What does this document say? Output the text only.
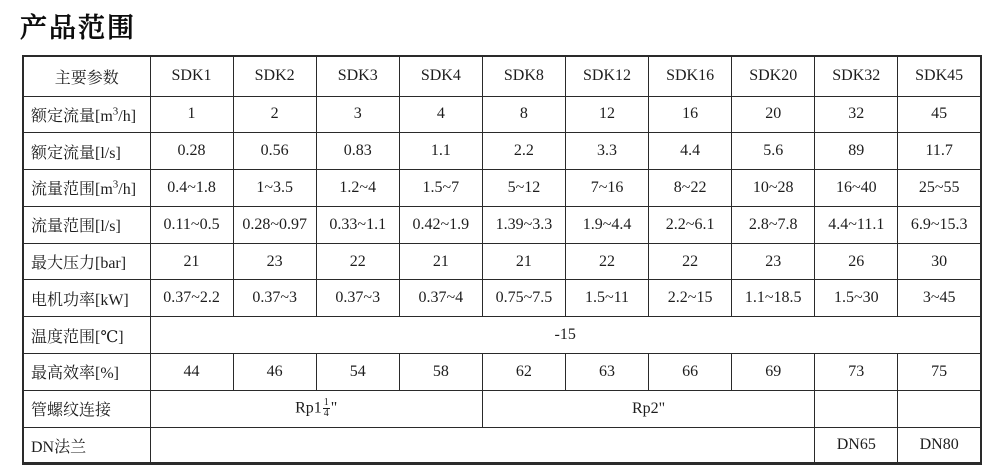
产品范围
主要参数	SDK1	SDK2	SDK3	SDK4	SDK8	SDK12	SDK16	SDK20	SDK32	SDK45
额定流量$[m^3/h]$	1	2	3	4	8	12	16	20	32	45
额定流量[l/s]	0.28	0.56	0.83	1.1	2.2	3.3	4.4	5.6	89	11.7
流量范围$[m^3/h]$	0.4~1.8	1~3.5	1.2~4	1.5~7	5~12	7~16	8~22	10~28	16~40	25~55
流量范围[l/s]	0.11~0.5	0.28~0.97	0.33~1.1	0.42~1.9	1.39~3.3	1.9~4.4	2.2~6.1	2.8~7.8	4.4~11.1	6.9~15.3
最大压力[bar]	21	23	22	21	21	22	22	23	26	30
电机功率[kW]	0.37~2.2	0.37~3	0.37~3	0.37~4	0.75~7.5	1.5~11	2.2~15	1.1~18.5	1.5~30	3~45
温度范围[℃]	-15									
最高效率[%]	44	46	54	58	62	63	66	69	73	75
管螺纹连接	$Rp1 \frac{1}{4}$ "				Rp2"					
DN法兰									DN65	DN80
